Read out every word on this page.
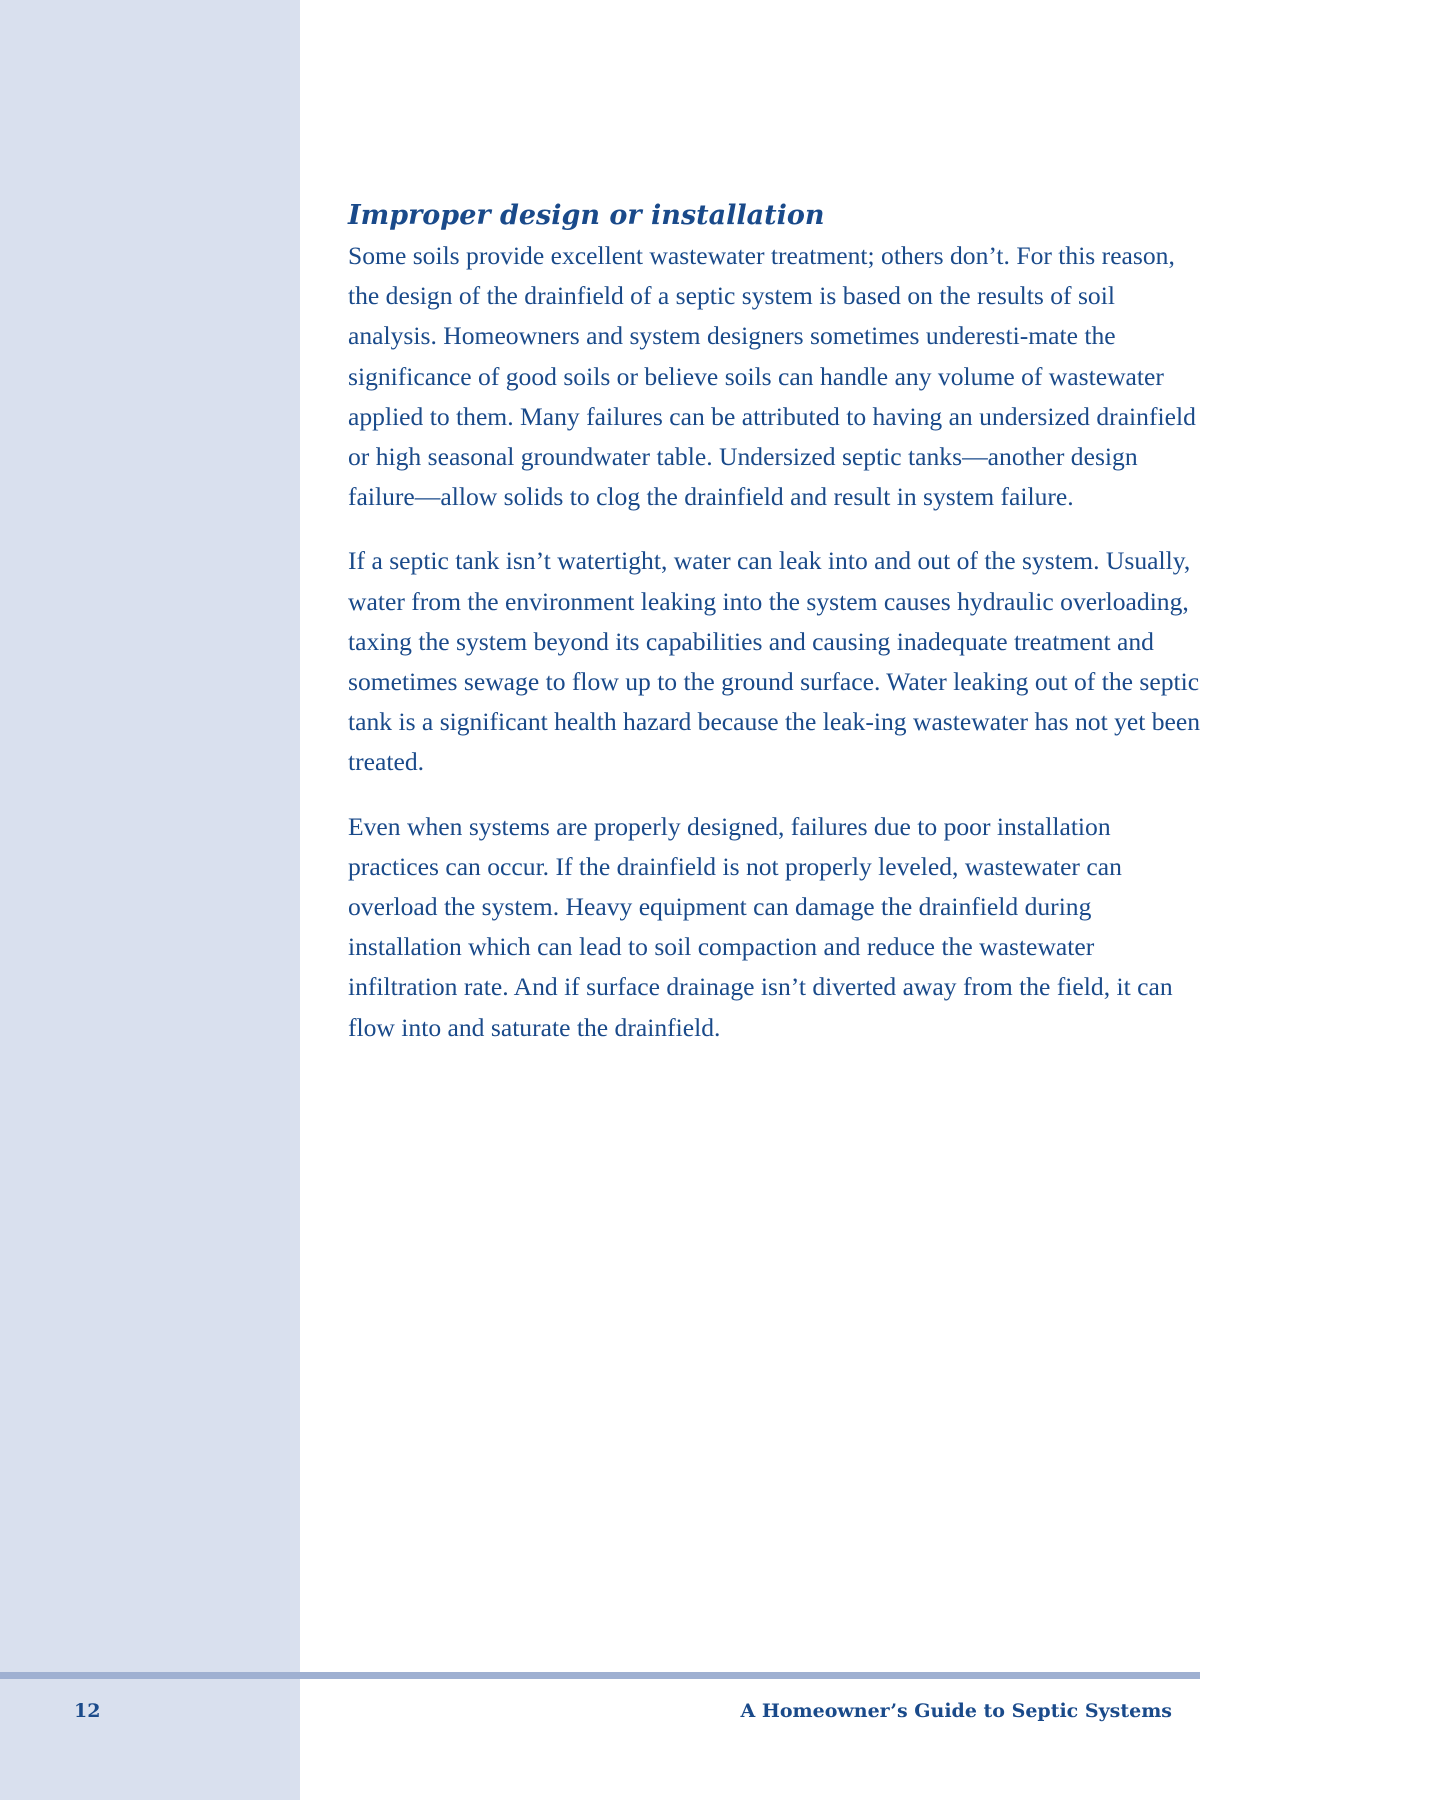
Improper design or installation

Some soils provide excellent wastewater treatment; others don’t. For this reason, the design of the drainfield of a septic system is based on the results of soil analysis. Homeowners and system designers sometimes underesti-mate the significance of good soils or believe soils can handle any volume of wastewater applied to them. Many failures can be attributed to having an undersized drainfield or high seasonal groundwater table. Undersized septic tanks—another design failure—allow solids to clog the drainfield and result in system failure.

If a septic tank isn’t watertight, water can leak into and out of the system. Usually, water from the environment leaking into the system causes hydraulic overloading, taxing the system beyond its capabilities and causing inadequate treatment and sometimes sewage to flow up to the ground surface. Water leaking out of the septic tank is a significant health hazard because the leak-ing wastewater has not yet been treated.

Even when systems are properly designed, failures due to poor installation practices can occur. If the drainfield is not properly leveled, wastewater can overload the system. Heavy equipment can damage the drainfield during installation which can lead to soil compaction and reduce the wastewater infiltration rate. And if surface drainage isn’t diverted away from the field, it can flow into and saturate the drainfield.

12	A Homeowner’s Guide to Septic Systems
